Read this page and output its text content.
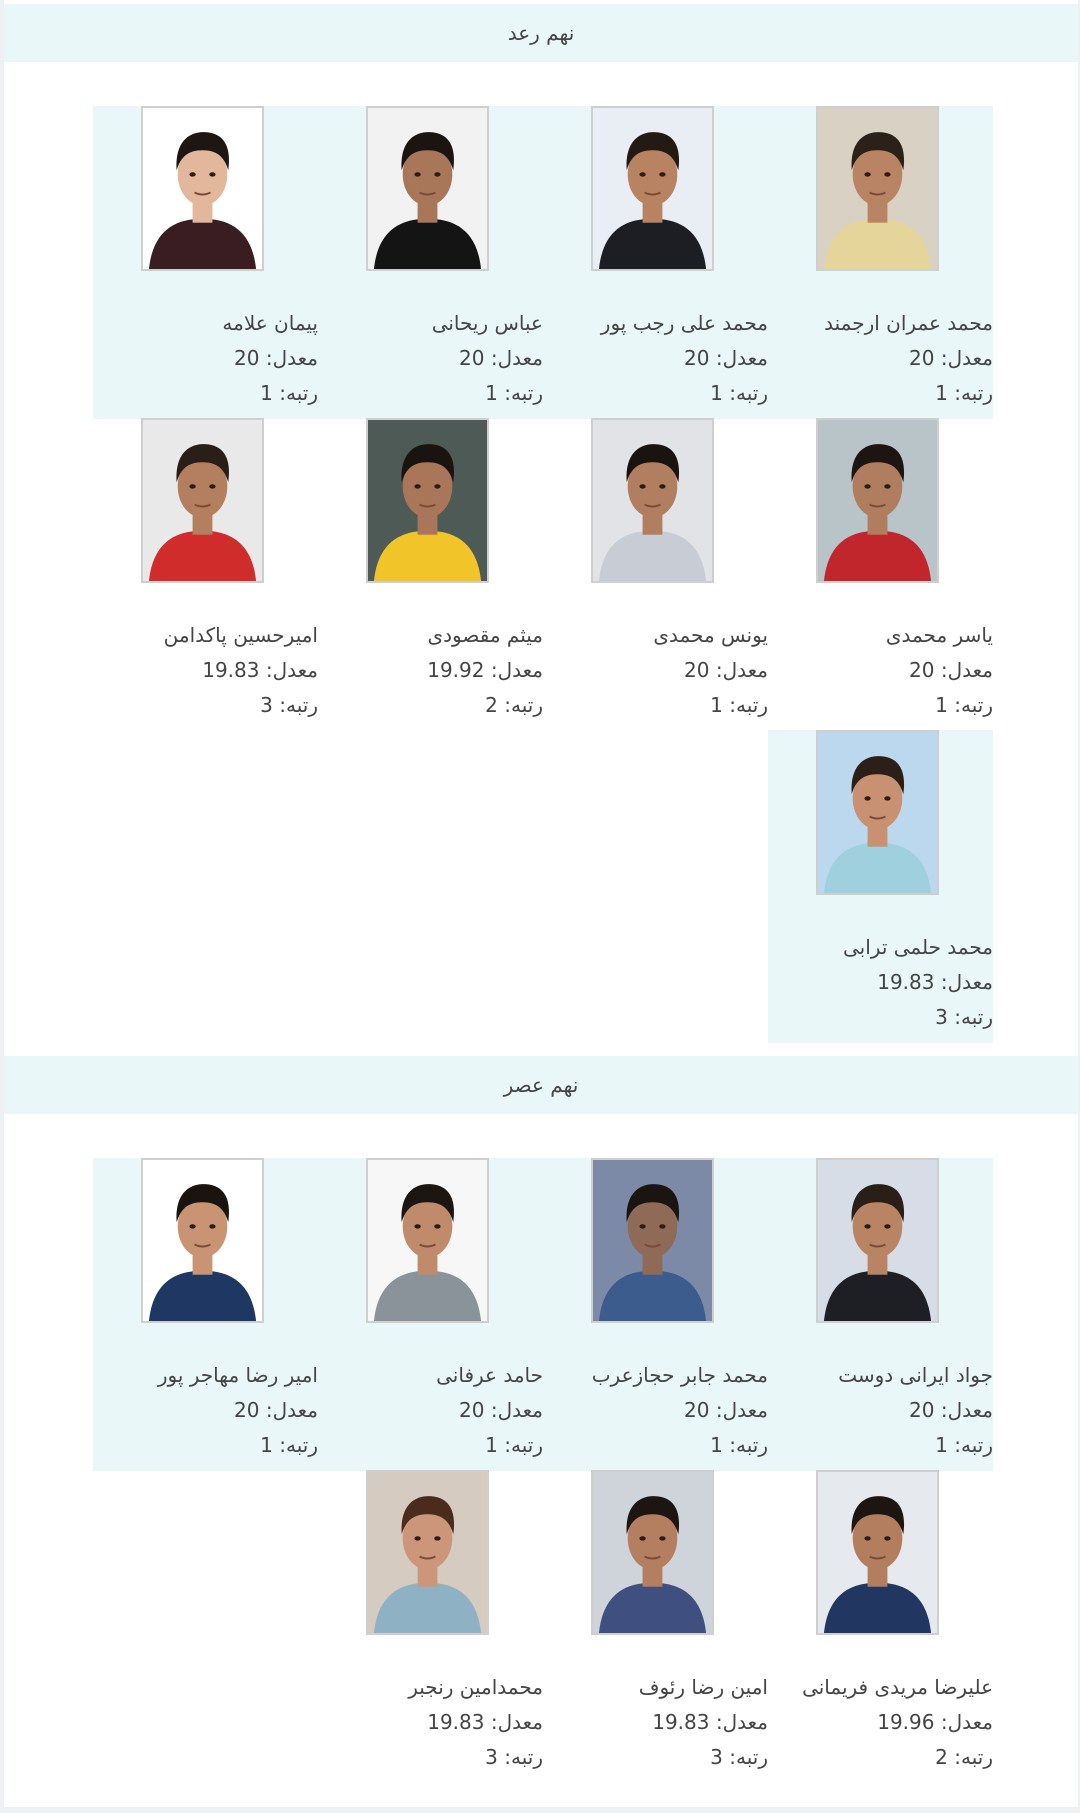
نهم رعد
محمد عمران ارجمند
معدل: 20
رتبه: 1
محمد علی رجب پور
معدل: 20
رتبه: 1
عباس ریحانی
معدل: 20
رتبه: 1
پیمان علامه
معدل: 20
رتبه: 1
یاسر محمدی
معدل: 20
رتبه: 1
یونس محمدی
معدل: 20
رتبه: 1
میثم مقصودی
معدل: 19.92
رتبه: 2
امیرحسین پاکدامن
معدل: 19.83
رتبه: 3
محمد حلمی ترابی
معدل: 19.83
رتبه: 3
نهم عصر
جواد ایرانی دوست
معدل: 20
رتبه: 1
محمد جابر حجازعرب
معدل: 20
رتبه: 1
حامد عرفانی
معدل: 20
رتبه: 1
امیر رضا مهاجر پور
معدل: 20
رتبه: 1
علیرضا مریدی فریمانی
معدل: 19.96
رتبه: 2
امین رضا رئوف
معدل: 19.83
رتبه: 3
محمدامین رنجبر
معدل: 19.83
رتبه: 3
